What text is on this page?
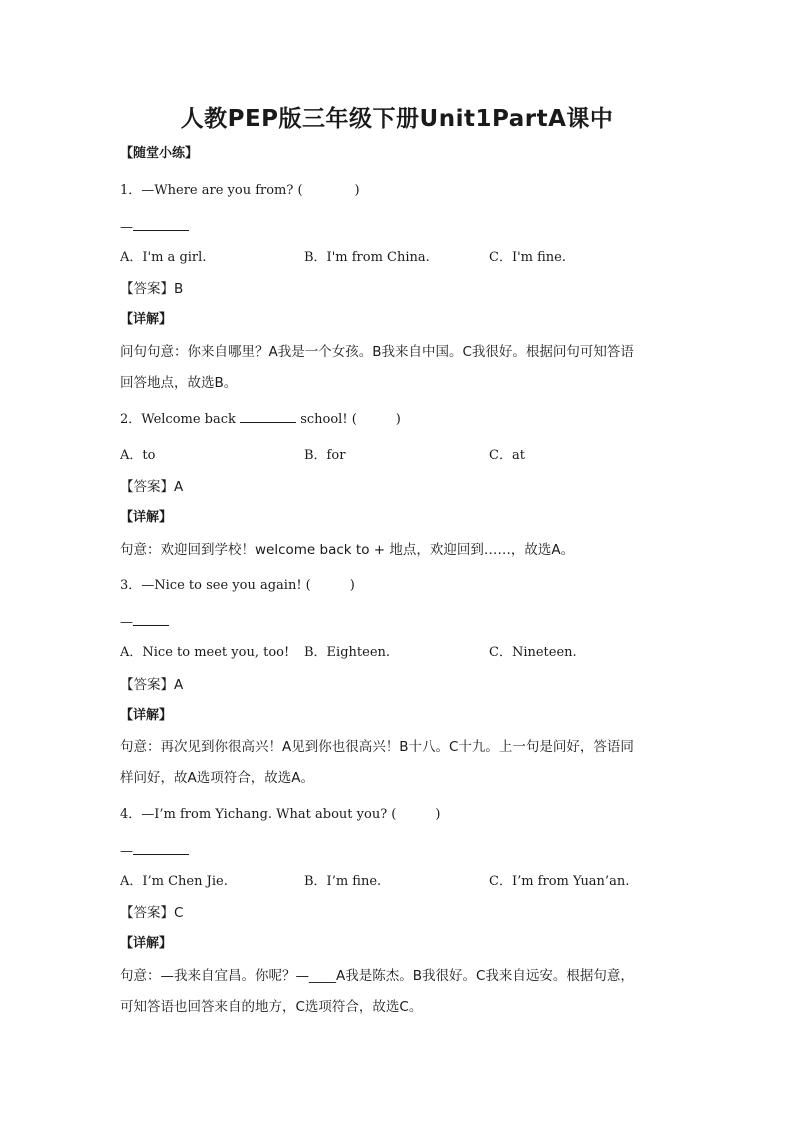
人教PEP版三年级下册Unit1PartA课中
【随堂小练】
1．—Where are you from? (　　　　)
—
A．I'm a girl.	B．I'm from China.	C．I'm fine.
【答案】B
【详解】
问句句意：你来自哪里？A我是一个女孩。B我来自中国。C我很好。根据问句可知答语
回答地点，故选B。
2．Welcome back	school! (　　　)
A．to	B．for	C．at
【答案】A
【详解】
句意：欢迎回到学校！welcome back to + 地点，欢迎回到……，故选A。
3．—Nice to see you again! (　　　)
—
A．Nice to meet you, too! B．Eighteen.	C．Nineteen.
【答案】A
【详解】
句意：再次见到你很高兴！A见到你也很高兴！B十八。C十九。上一句是问好，答语同
样问好，故A选项符合，故选A。
4．—I’m from Yichang. What about you? (　　　)
—
A．I’m Chen Jie.	B．I’m fine.	C．I’m from Yuan’an.
【答案】C
【详解】
句意：—我来自宜昌。你呢？—____A我是陈杰。B我很好。C我来自远安。根据句意，
可知答语也回答来自的地方，C选项符合，故选C。
